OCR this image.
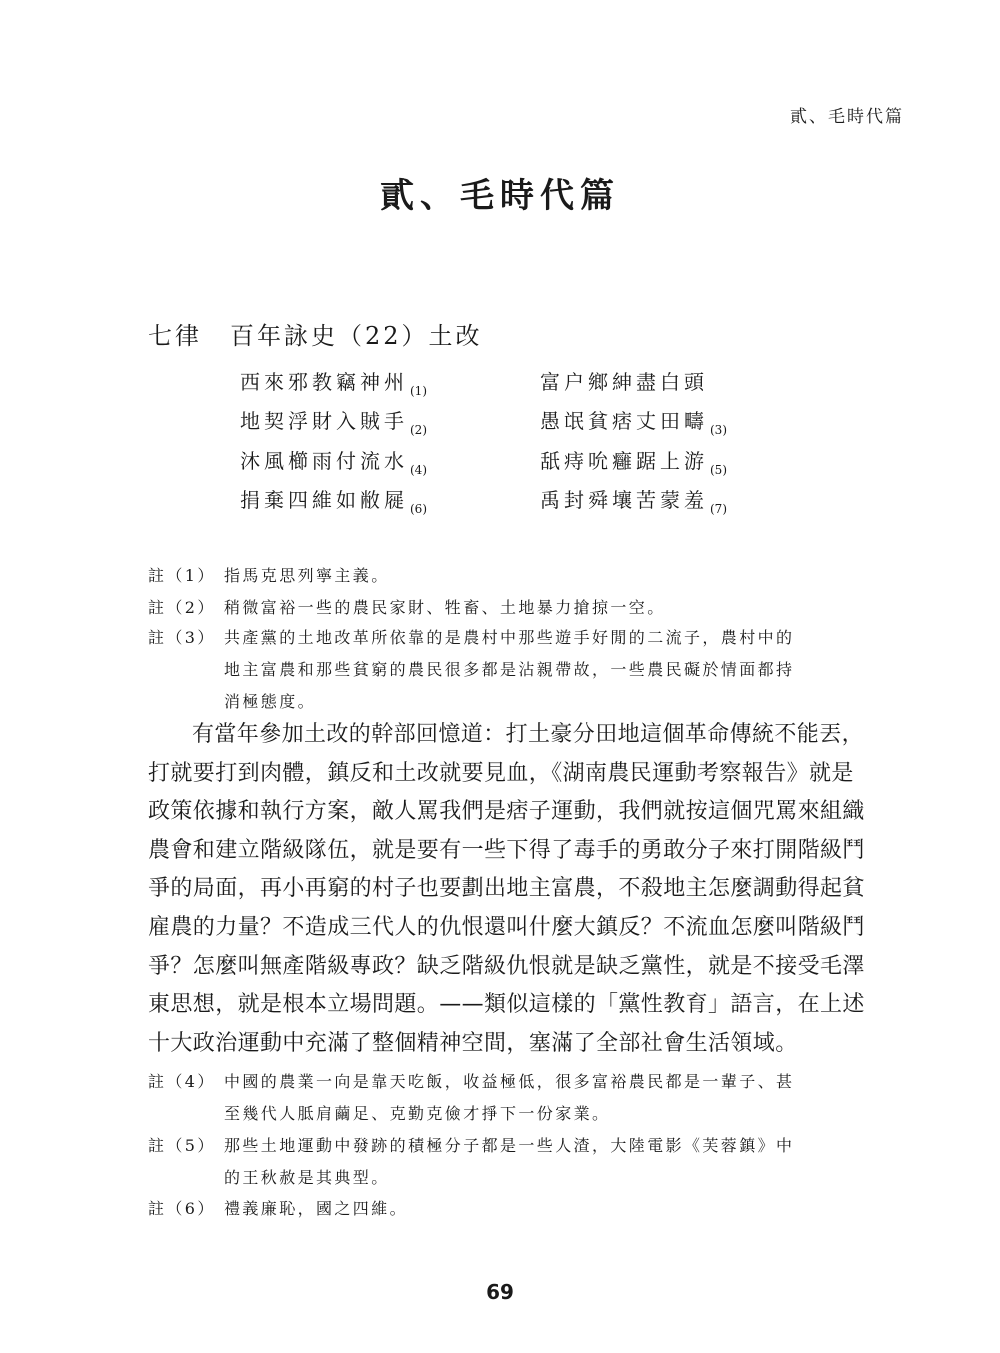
貳、毛時代篇
貳、毛時代篇
七律 百年詠史（22）土改
西來邪教竊神州 $_{(1)}$	富户鄉紳盡白頭
地契浮財入賊手 $_{(2)}$	愚氓貧痞丈田疇 $_{(3)}$
沐風櫛雨付流水 $_{(4)}$	舐痔吮癰踞上游 $_{(5)}$
捐棄四維如敝屣 $_{(6)}$	禹封舜壤苦蒙羞 $_{(7)}$
註（1） 指馬克思列寧主義。
註（2） 稍微富裕一些的農民家財、牲畜、土地暴力搶掠一空。
註（3） 共產黨的土地改革所依靠的是農村中那些遊手好閒的二流子，農村中的
地主富農和那些貧窮的農民很多都是沾親帶故，一些農民礙於情面都持
消極態度。
有當年參加土改的幹部回憶道：打土豪分田地這個革命傳統不能丟，
打就要打到肉體，鎮反和土改就要見血，《湖南農民運動考察報告》就是
政策依據和執行方案，敵人罵我們是痞子運動，我們就按這個咒罵來組織
農會和建立階級隊伍，就是要有一些下得了毒手的勇敢分子來打開階級鬥
爭的局面，再小再窮的村子也要劃出地主富農，不殺地主怎麼調動得起貧
雇農的力量？不造成三代人的仇恨還叫什麼大鎮反？不流血怎麼叫階級鬥
爭？怎麼叫無產階級專政？缺乏階級仇恨就是缺乏黨性，就是不接受毛澤
東思想，就是根本立場問題。——類似這樣的「黨性教育」語言，在上述
十大政治運動中充滿了整個精神空間，塞滿了全部社會生活領域。
註（4） 中國的農業一向是靠天吃飯，收益極低，很多富裕農民都是一輩子、甚
至幾代人胝肩繭足、克勤克儉才掙下一份家業。
註（5） 那些土地運動中發跡的積極分子都是一些人渣，大陸電影《芙蓉鎮》中
的王秋赦是其典型。
註（6） 禮義廉恥，國之四維。
69
